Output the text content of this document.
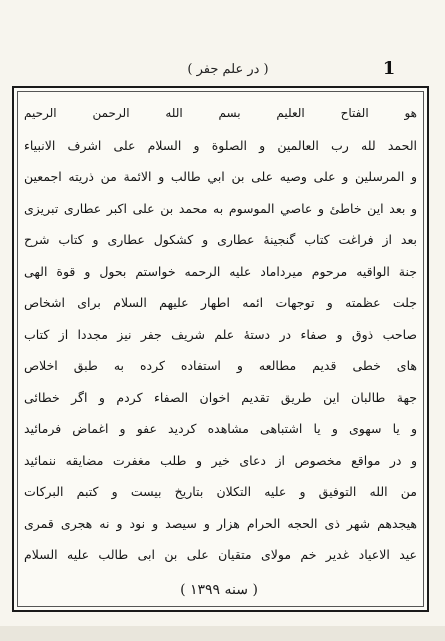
1
( در علم جفر )
هو الفتاح العليم بسم الله الرحمن الرحيم
الحمد لله رب العالمين و الصلوة و السلام على اشرف الانبياء
و المرسلين و على وصيه على بن ابي طالب و الائمة من ذريته اجمعين
و بعد اين خاطئ و عاصي الموسوم به محمد بن علی اکبر عطاری تبریزی
بعد از فراغت کتاب گنجینهٔ عطاری و کشکول عطاری و کتاب شرح
جنة الواقیه مرحوم میرداماد علیه الرحمه خواستم بحول و قوة الهی
جلت عظمته و توجهات ائمه اطهار علیهم السلام برای اشخاص
صاحب ذوق و صفاء در دستهٔ علم شریف جفر نیز مجددا از کتاب
های خطی قدیم مطالعه و استفاده کرده به طبق اخلاص
جهة طالبان این طریق تقدیم اخوان الصفاء کردم و اگر خطائی
و یا سهوی و یا اشتباهی مشاهده کردید عفو و اغماض فرمائید
و در مواقع مخصوص از دعای خیر و طلب مغفرت مضایقه ننمائید
من الله التوفیق و علیه التکلان بتاریخ بیست و کتبم البرکات
هیجدهم شهر ذی الحجه الحرام هزار و سیصد و نود و نه هجری قمری
عید الاعیاد غدیر خم مولای متقیان علی بن ابی طالب علیه السلام
( سنه ۱۳۹۹ )
